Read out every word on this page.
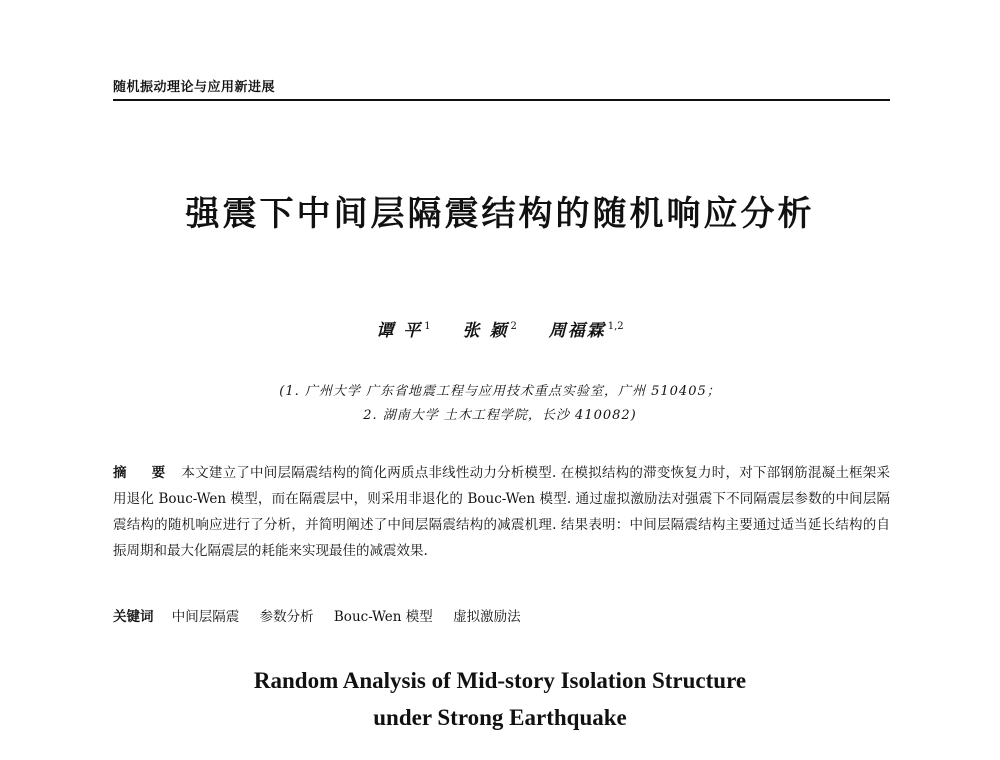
随机振动理论与应用新进展
强震下中间层隔震结构的随机响应分析
谭 平 $^1$ 张 颖 $^2$ 周福霖 $^{1,2}$
(1. 广州大学 广东省地震工程与应用技术重点实验室，广州 510405；
2. 湖南大学 土木工程学院，长沙 410082)
摘 要 本文建立了中间层隔震结构的简化两质点非线性动力分析模型. 在模拟结构的滞变恢复力时，对下部钢筋混凝土框架采用退化 Bouc-Wen 模型，而在隔震层中，则采用非退化的 Bouc-Wen 模型. 通过虚拟激励法对强震下不同隔震层参数的中间层隔震结构的随机响应进行了分析，并简明阐述了中间层隔震结构的减震机理. 结果表明：中间层隔震结构主要通过适当延长结构的自振周期和最大化隔震层的耗能来实现最佳的减震效果.
关键词 中间层隔震 参数分析 Bouc-Wen 模型 虚拟激励法
Random Analysis of Mid-story Isolation Structure
under Strong Earthquake
